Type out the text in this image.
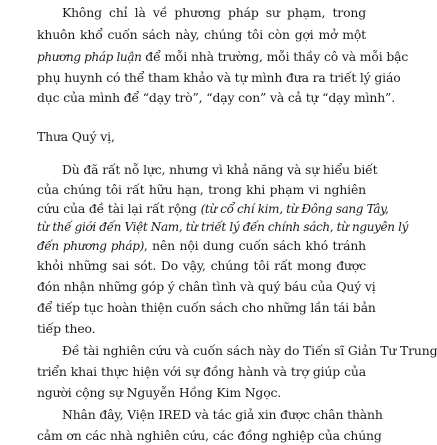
Không chỉ là về phương pháp sư phạm, trong
khuôn khổ cuốn sách này, chúng tôi còn gợi mở một
phương pháp luận để mỗi nhà trường, mỗi thầy cô và mỗi bậc
phụ huynh có thể tham khảo và tự mình đưa ra triết lý giáo
dục của mình để “dạy trò”, “dạy con” và cả tự “dạy mình”.
Thưa Quý vị,
Dù đã rất nỗ lực, nhưng vì khả năng và sự hiểu biết
của chúng tôi rất hữu hạn, trong khi phạm vi nghiên
cứu của đề tài lại rất rộng (từ cổ chí kim, từ Đông sang Tây,
từ thế giới đến Việt Nam, từ triết lý đến chính sách, từ nguyên lý
đến phương pháp), nên nội dung cuốn sách khó tránh
khỏi những sai sót. Do vậy, chúng tôi rất mong được
đón nhận những góp ý chân tình và quý báu của Quý vị
để tiếp tục hoàn thiện cuốn sách cho những lần tái bản
tiếp theo.
Đề tài nghiên cứu và cuốn sách này do Tiến sĩ Giản Tư Trung
triển khai thực hiện với sự đồng hành và trợ giúp của
người cộng sự Nguyễn Hồng Kim Ngọc.
Nhân đây, Viện IRED và tác giả xin được chân thành
cảm ơn các nhà nghiên cứu, các đồng nghiệp của chúng
